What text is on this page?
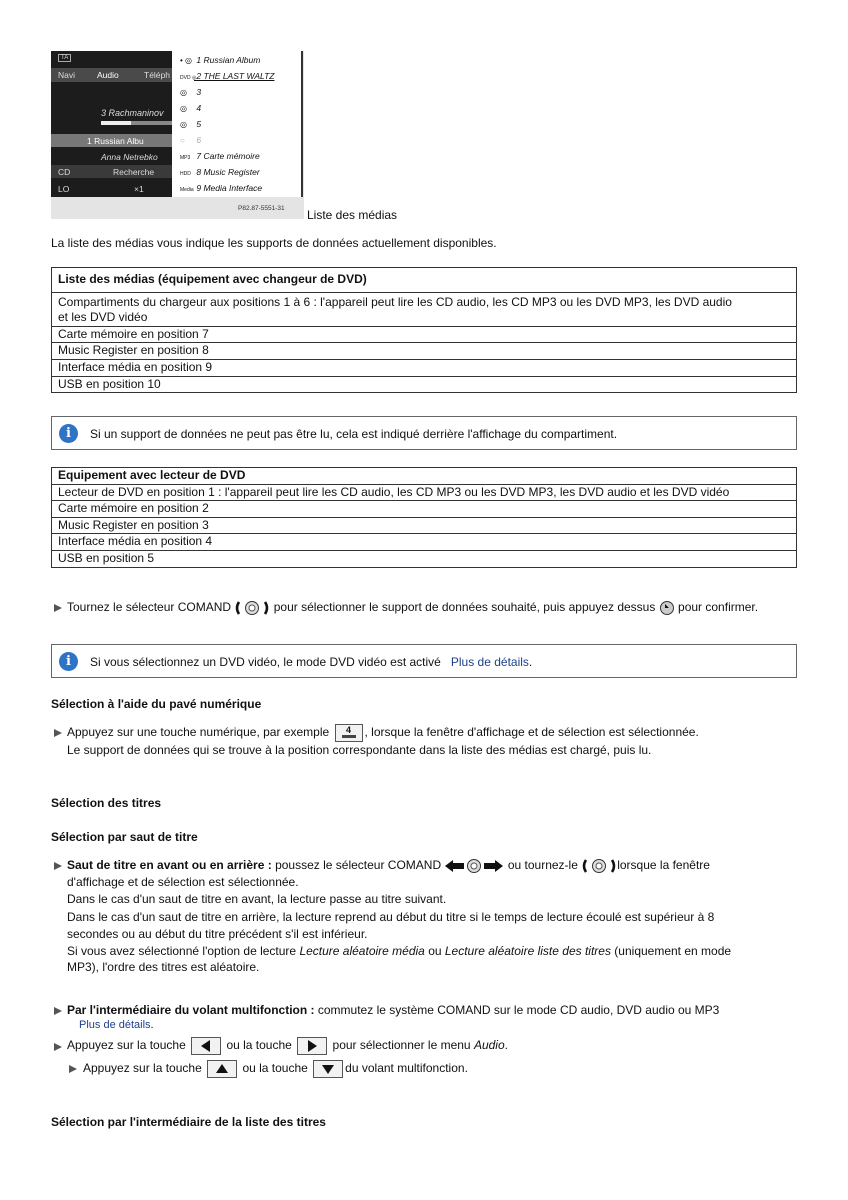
TA
Navi	Audio	Téléph
3 Rachmaninov
1 Russian Albu
Anna Netrebko
CD	Recherche
LO	×1
• ◎ 1 Russian Album
DVD ◎ 2 THE LAST WALTZ
◎ 3
◎ 4
◎ 5
○ 6
MP3 7 Carte mémoire
HDD 8 Music Register
Media 9 Media Interface
P82.87-5551-31 Liste des médias
La liste des médias vous indique les supports de données actuellement disponibles.
Liste des médias (équipement avec changeur de DVD)
Compartiments du chargeur aux positions 1 à 6 : l'appareil peut lire les CD audio, les CD MP3 ou les DVD MP3, les DVD audio
et les DVD vidéo
Carte mémoire en position 7
Music Register en position 8
Interface média en position 9
USB en position 10
i	Si un support de données ne peut pas être lu, cela est indiqué derrière l'affichage du compartiment.
Equipement avec lecteur de DVD
Lecteur de DVD en position 1 : l'appareil peut lire les CD audio, les CD MP3 ou les DVD MP3, les DVD audio et les DVD vidéo
Carte mémoire en position 2
Music Register en position 3
Interface média en position 4
USB en position 5
Tournez le sélecteur COMAND	pour sélectionner le support de données souhaité, puis appuyez dessus pour confirmer.
i	Si vous sélectionnez un DVD vidéo, le mode DVD vidéo est activé Plus de détails.
Sélection à l'aide du pavé numérique
Appuyez sur une touche numérique, par exemple	4	, lorsque la fenêtre d'affichage et de sélection est sélectionnée.
Le support de données qui se trouve à la position correspondante dans la liste des médias est chargé, puis lu.
Sélection des titres
Sélection par saut de titre
Saut de titre en avant ou en arrière : poussez le sélecteur COMAND	ou tournez-le	lorsque la fenêtre
d'affichage et de sélection est sélectionnée.
Dans le cas d'un saut de titre en avant, la lecture passe au titre suivant.
Dans le cas d'un saut de titre en arrière, la lecture reprend au début du titre si le temps de lecture écoulé est supérieur à 8
secondes ou au début du titre précédent s'il est inférieur.
Si vous avez sélectionné l'option de lecture Lecture aléatoire média ou Lecture aléatoire liste des titres (uniquement en mode
MP3), l'ordre des titres est aléatoire.
Par l'intermédiaire du volant multifonction : commutez le système COMAND sur le mode CD audio, DVD audio ou MP3
Plus de détails.
Appuyez sur la touche	ou la touche	pour sélectionner le menu Audio.
Appuyez sur la touche	ou la touche	du volant multifonction.
Sélection par l'intermédiaire de la liste des titres
